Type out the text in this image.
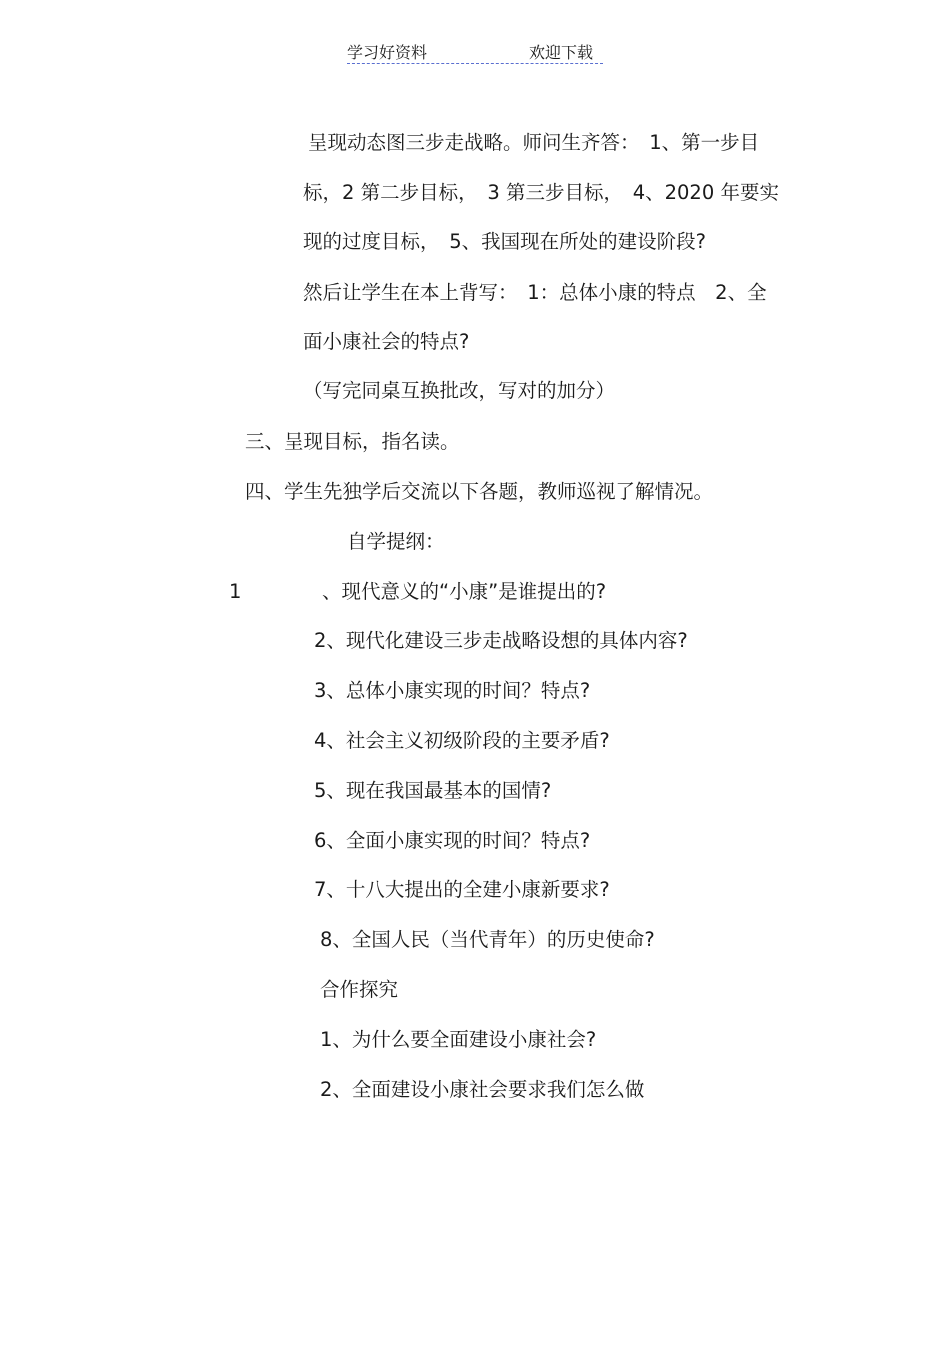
学习好资料	欢迎下载
呈现动态图三步走战略。师问生齐答：　1、第一步目
标，2 第二步目标，　3 第三步目标，　4、2020 年要实
现的过度目标，　5、我国现在所处的建设阶段?
然后让学生在本上背写：　1：总体小康的特点　2、全
面小康社会的特点?
（写完同桌互换批改，写对的加分）
三、呈现目标，指名读。
四、学生先独学后交流以下各题，教师巡视了解情况。
自学提纲：
1	、现代意义的“小康”是谁提出的?
2、现代化建设三步走战略设想的具体内容?
3、总体小康实现的时间？特点?
4、社会主义初级阶段的主要矛盾?
5、现在我国最基本的国情?
6、全面小康实现的时间？特点?
7、十八大提出的全建小康新要求?
8、全国人民（当代青年）的历史使命?
合作探究
1、为什么要全面建设小康社会?
2、全面建设小康社会要求我们怎么做
